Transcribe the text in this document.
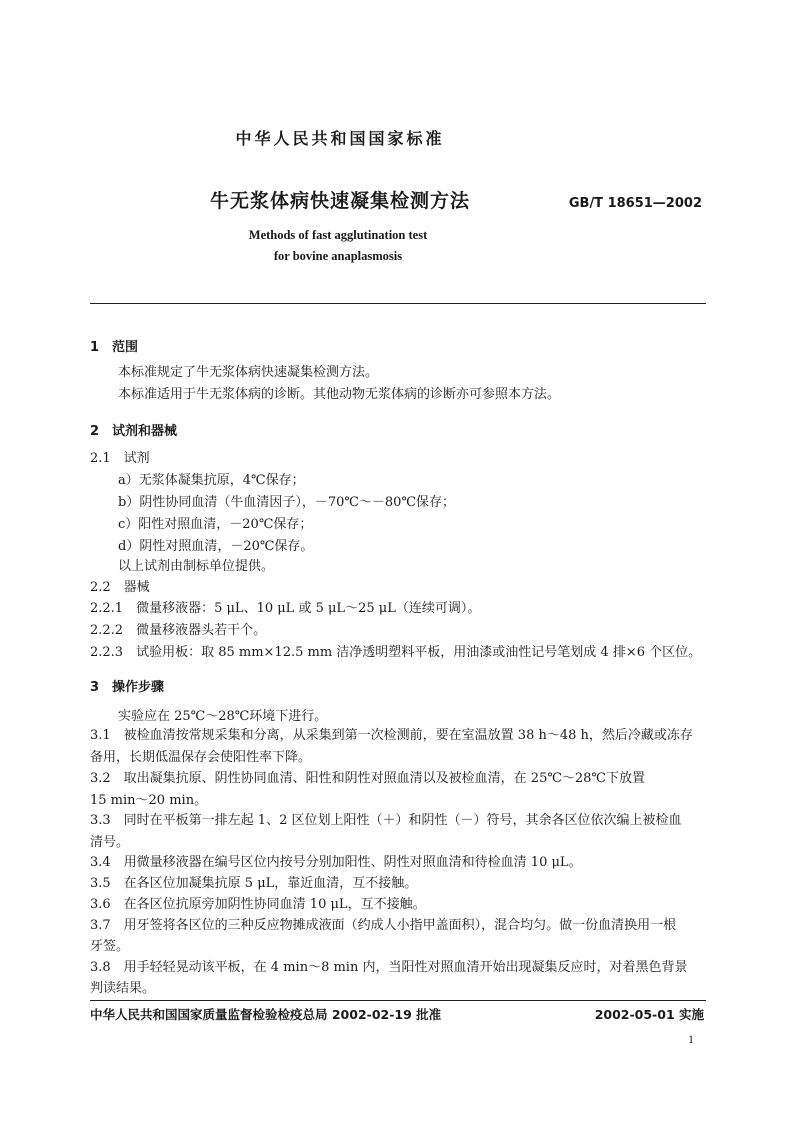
中华人民共和国国家标准
牛无浆体病快速凝集检测方法	GB/T 18651—2002
Methods of fast agglutination test
for bovine anaplasmosis
1　范围
本标准规定了牛无浆体病快速凝集检测方法。
本标准适用于牛无浆体病的诊断。其他动物无浆体病的诊断亦可参照本方法。
2　试剂和器械
2.1　试剂
a）无浆体凝集抗原，4℃保存；
b）阴性协同血清（牛血清因子），－70℃～－80℃保存；
c）阳性对照血清，－20℃保存；
d）阴性对照血清，－20℃保存。
以上试剂由制标单位提供。
2.2　器械
2.2.1　微量移液器：5 μL、10 μL 或 5 μL～25 μL（连续可调）。
2.2.2　微量移液器头若干个。
2.2.3　试验用板：取 85 mm×12.5 mm 洁净透明塑料平板，用油漆或油性记号笔划成 4 排×6 个区位。
3　操作步骤
实验应在 25℃～28℃环境下进行。
3.1　被检血清按常规采集和分离，从采集到第一次检测前，要在室温放置 38 h～48 h，然后冷藏或冻存
备用，长期低温保存会使阳性率下降。
3.2　取出凝集抗原、阴性协同血清、阳性和阴性对照血清以及被检血清，在 25℃～28℃下放置
15 min～20 min。
3.3　同时在平板第一排左起 1、2 区位划上阳性（＋）和阴性（－）符号，其余各区位依次编上被检血
清号。
3.4　用微量移液器在编号区位内按号分别加阳性、阴性对照血清和待检血清 10 μL。
3.5　在各区位加凝集抗原 5 μL，靠近血清，互不接触。
3.6　在各区位抗原旁加阴性协同血清 10 μL，互不接触。
3.7　用牙签将各区位的三种反应物摊成液面（约成人小指甲盖面积），混合均匀。做一份血清换用一根
牙签。
3.8　用手轻轻晃动该平板，在 4 min～8 min 内，当阳性对照血清开始出现凝集反应时，对着黑色背景
判读结果。
中华人民共和国国家质量监督检验检疫总局 2002-02-19 批准	2002-05-01 实施
1
